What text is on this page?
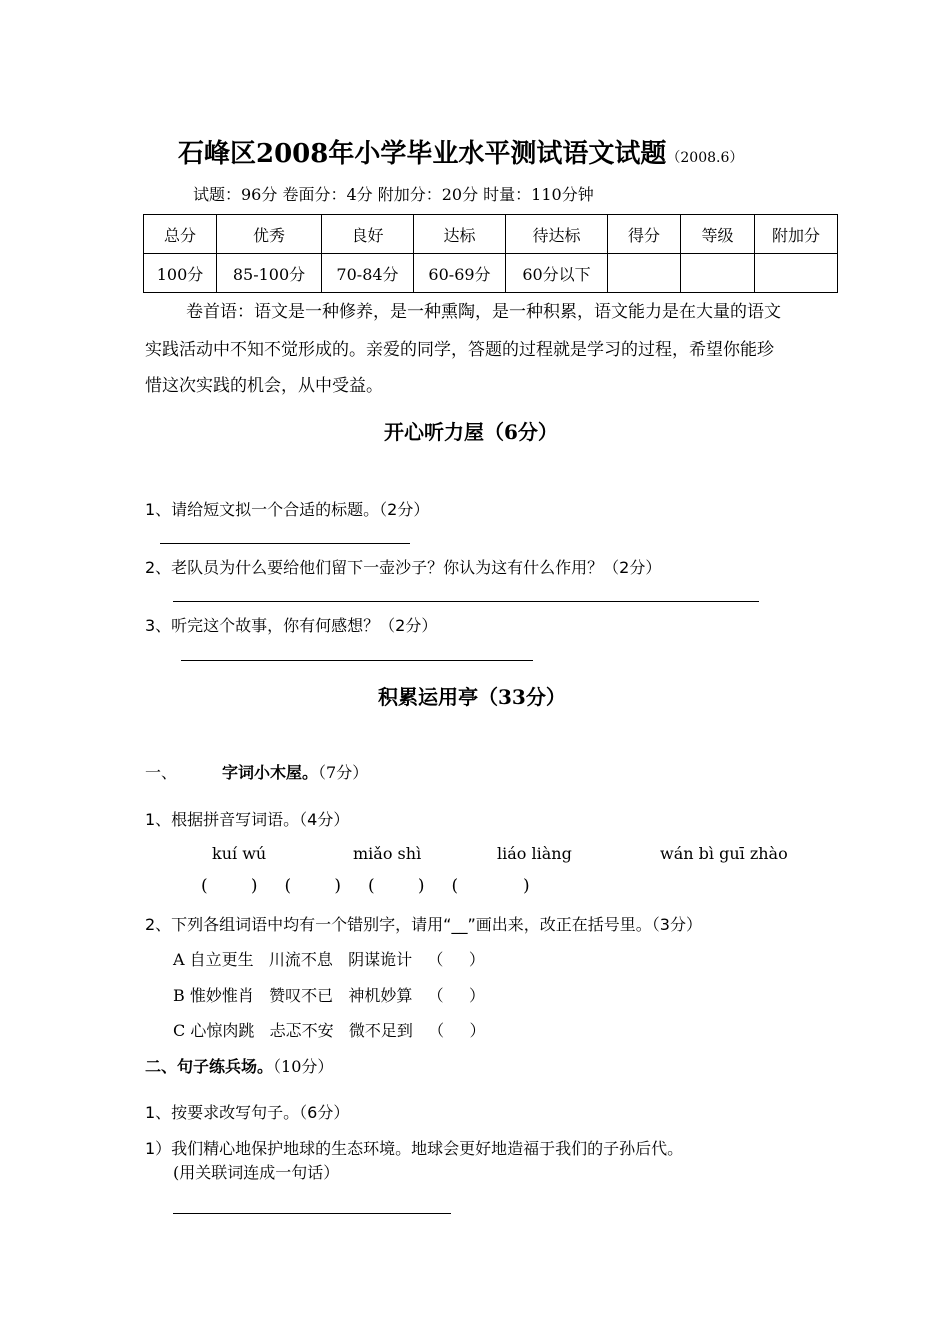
石峰区2008年小学毕业水平测试语文试题（2008.6）
试题：96分 卷面分：4分 附加分：20分 时量：110分钟
总分	优秀	良好	达标	待达标	得分	等级	附加分
100分	85-100分	70-84分	60-69分	60分以下			
卷首语：语文是一种修养，是一种熏陶，是一种积累，语文能力是在大量的语文
实践活动中不知不觉形成的。亲爱的同学，答题的过程就是学习的过程，希望你能珍
惜这次实践的机会，从中受益。
开心听力屋（6分）
1、请给短文拟一个合适的标题。（2分）
2、老队员为什么要给他们留下一壶沙子？你认为这有什么作用？（2分）
3、听完这个故事，你有何感想？（2分）
积累运用亭（33分）
一、	字词小木屋。（7分）
1、根据拼音写词语。（4分）
kuí wú	miǎo shì	liáo liàng	wán bì guī zhào
(        )     (        )     (        )     (            )
2、下列各组词语中均有一个错别字，请用“__”画出来，改正在括号里。（3分）
A 自立更生   川流不息   阴谋诡计   （     ）
B 惟妙惟肖   赞叹不已   神机妙算   （     ）
C 心惊肉跳   忐忑不安   微不足到   （     ）
二、句子练兵场。（10分）
1、按要求改写句子。（6分）
1）我们精心地保护地球的生态环境。地球会更好地造福于我们的子孙后代。
(用关联词连成一句话）
